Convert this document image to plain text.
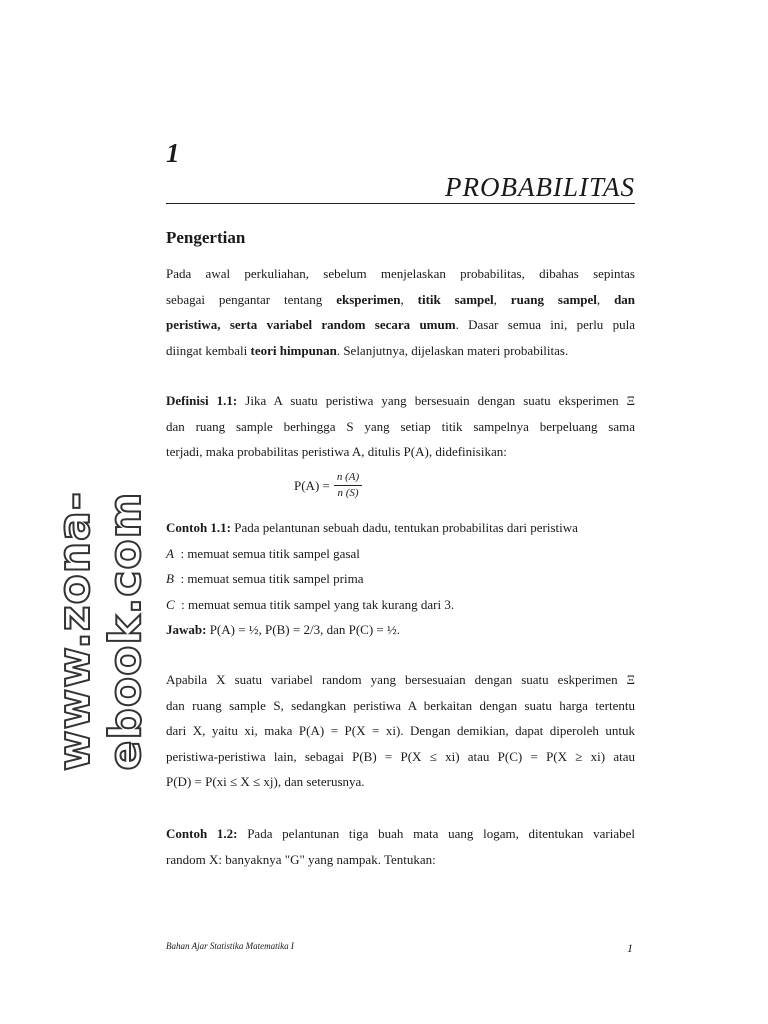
www.zona-ebook.com
1
PROBABILITAS
Pengertian
Pada awal perkuliahan, sebelum menjelaskan probabilitas, dibahas sepintas
sebagai pengantar tentang eksperimen, titik sampel, ruang sampel, dan
peristiwa, serta variabel random secara umum. Dasar semua ini, perlu pula
diingat kembali teori himpunan. Selanjutnya, dijelaskan materi probabilitas.
Definisi 1.1: Jika A suatu peristiwa yang bersesuain dengan suatu eksperimen Ξ
dan ruang sample berhingga S yang setiap titik sampelnya berpeluang sama
terjadi, maka probabilitas peristiwa A, ditulis P(A), didefinisikan:
$P(A) = \frac{n (A)}{n (S)}$
Contoh 1.1: Pada pelantunan sebuah dadu, tentukan probabilitas dari peristiwa
A  : memuat semua titik sampel gasal
B  : memuat semua titik sampel prima
C  : memuat semua titik sampel yang tak kurang dari 3.
Jawab: P(A) = ½, P(B) = 2/3, dan P(C) = ½.
Apabila X suatu variabel random yang bersesuaian dengan suatu eskperimen Ξ
dan ruang sample S, sedangkan peristiwa A berkaitan dengan suatu harga tertentu
dari X, yaitu xi, maka P(A) = P(X = xi). Dengan demikian, dapat diperoleh untuk
peristiwa-peristiwa lain, sebagai P(B) = P(X ≤ xi) atau P(C) = P(X ≥ xi) atau
P(D) = P(xi ≤ X ≤ xj), dan seterusnya.
Contoh 1.2: Pada pelantunan tiga buah mata uang logam, ditentukan variabel
random X: banyaknya "G" yang nampak. Tentukan:
Bahan Ajar Statistika Matematika I	1
